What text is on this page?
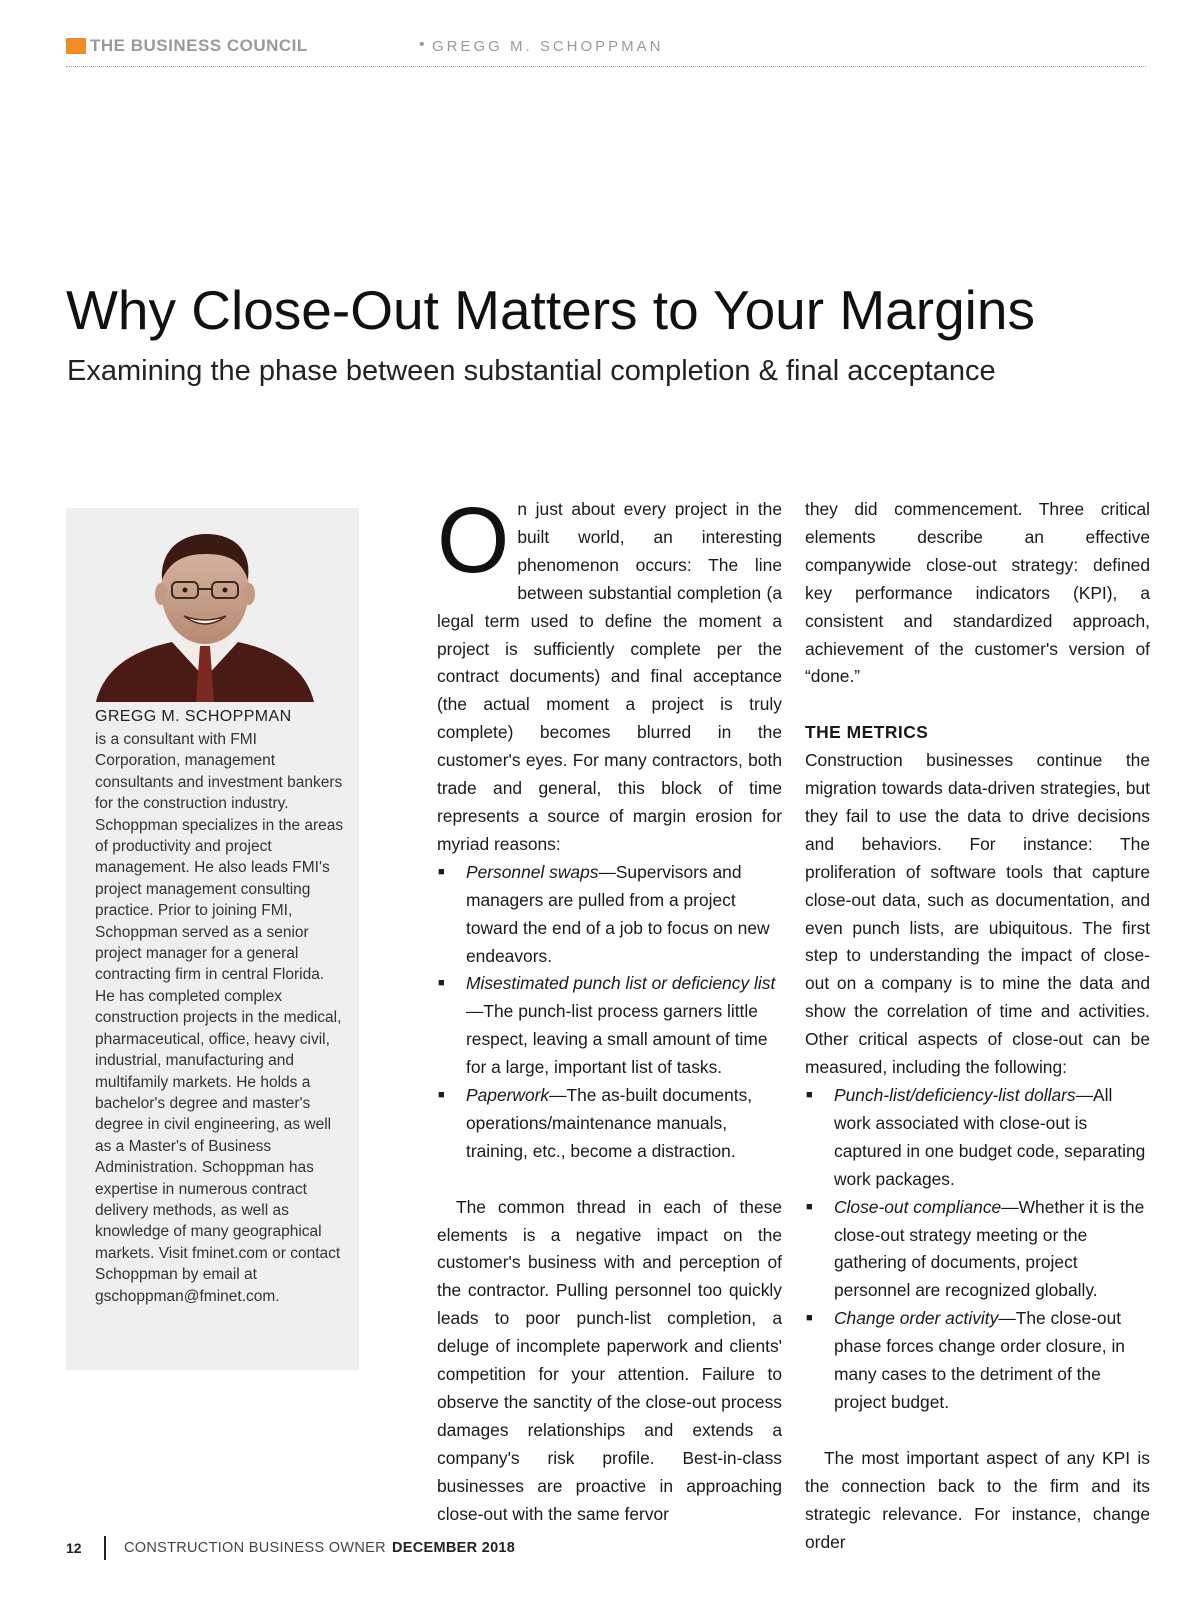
THE BUSINESS COUNCIL	• GREGG M. SCHOPPMAN
Why Close-Out Matters to Your Margins
Examining the phase between substantial completion & final acceptance
GREGG M. SCHOPPMAN

is a consultant with FMI Corporation, management consultants and investment bankers for the construction industry. Schoppman specializes in the areas of productivity and project management. He also leads FMI's project management consulting practice. Prior to joining FMI, Schoppman served as a senior project manager for a general contracting firm in central Florida. He has completed complex construction projects in the medical, pharmaceutical, office, heavy civil, industrial, manufacturing and multifamily markets. He holds a bachelor's degree and master's degree in civil engineering, as well as a Master's of Business Administration. Schoppman has expertise in numerous contract delivery methods, as well as knowledge of many geographical markets. Visit fminet.com or contact Schoppman by email at gschoppman@fminet.com.

On just about every project in the built world, an interesting phenomenon occurs: The line between substantial completion (a legal term used to define the moment a project is sufficiently complete per the contract documents) and final acceptance (the actual moment a project is truly complete) becomes blurred in the customer's eyes. For many contractors, both trade and general, this block of time represents a source of margin erosion for myriad reasons:

■ Personnel swaps—Supervisors and managers are pulled from a project toward the end of a job to focus on new endeavors.
■ Misestimated punch list or deficiency list—The punch-list process garners little respect, leaving a small amount of time for a large, important list of tasks.
■ Paperwork—The as-built documents, operations/maintenance manuals, training, etc., become a distraction.

The common thread in each of these elements is a negative impact on the customer's business with and perception of the contractor. Pulling personnel too quickly leads to poor punch-list completion, a deluge of incomplete paperwork and clients' competition for your attention. Failure to observe the sanctity of the close-out process damages relationships and extends a company's risk profile. Best-in-class businesses are proactive in approaching close-out with the same fervor

they did commencement. Three critical elements describe an effective companywide close-out strategy: defined key performance indicators (KPI), a consistent and standardized approach, achievement of the customer's version of “done.”

THE METRICS

Construction businesses continue the migration towards data-driven strategies, but they fail to use the data to drive decisions and behaviors. For instance: The proliferation of software tools that capture close-out data, such as documentation, and even punch lists, are ubiquitous. The first step to understanding the impact of close-out on a company is to mine the data and show the correlation of time and activities. Other critical aspects of close-out can be measured, including the following:

■ Punch-list/deficiency-list dollars—All work associated with close-out is captured in one budget code, separating work packages.
■ Close-out compliance—Whether it is the close-out strategy meeting or the gathering of documents, project personnel are recognized globally.
■ Change order activity—The close-out phase forces change order closure, in many cases to the detriment of the project budget.

The most important aspect of any KPI is the connection back to the firm and its strategic relevance. For instance, change order

12	CONSTRUCTION BUSINESS OWNER DECEMBER 2018
